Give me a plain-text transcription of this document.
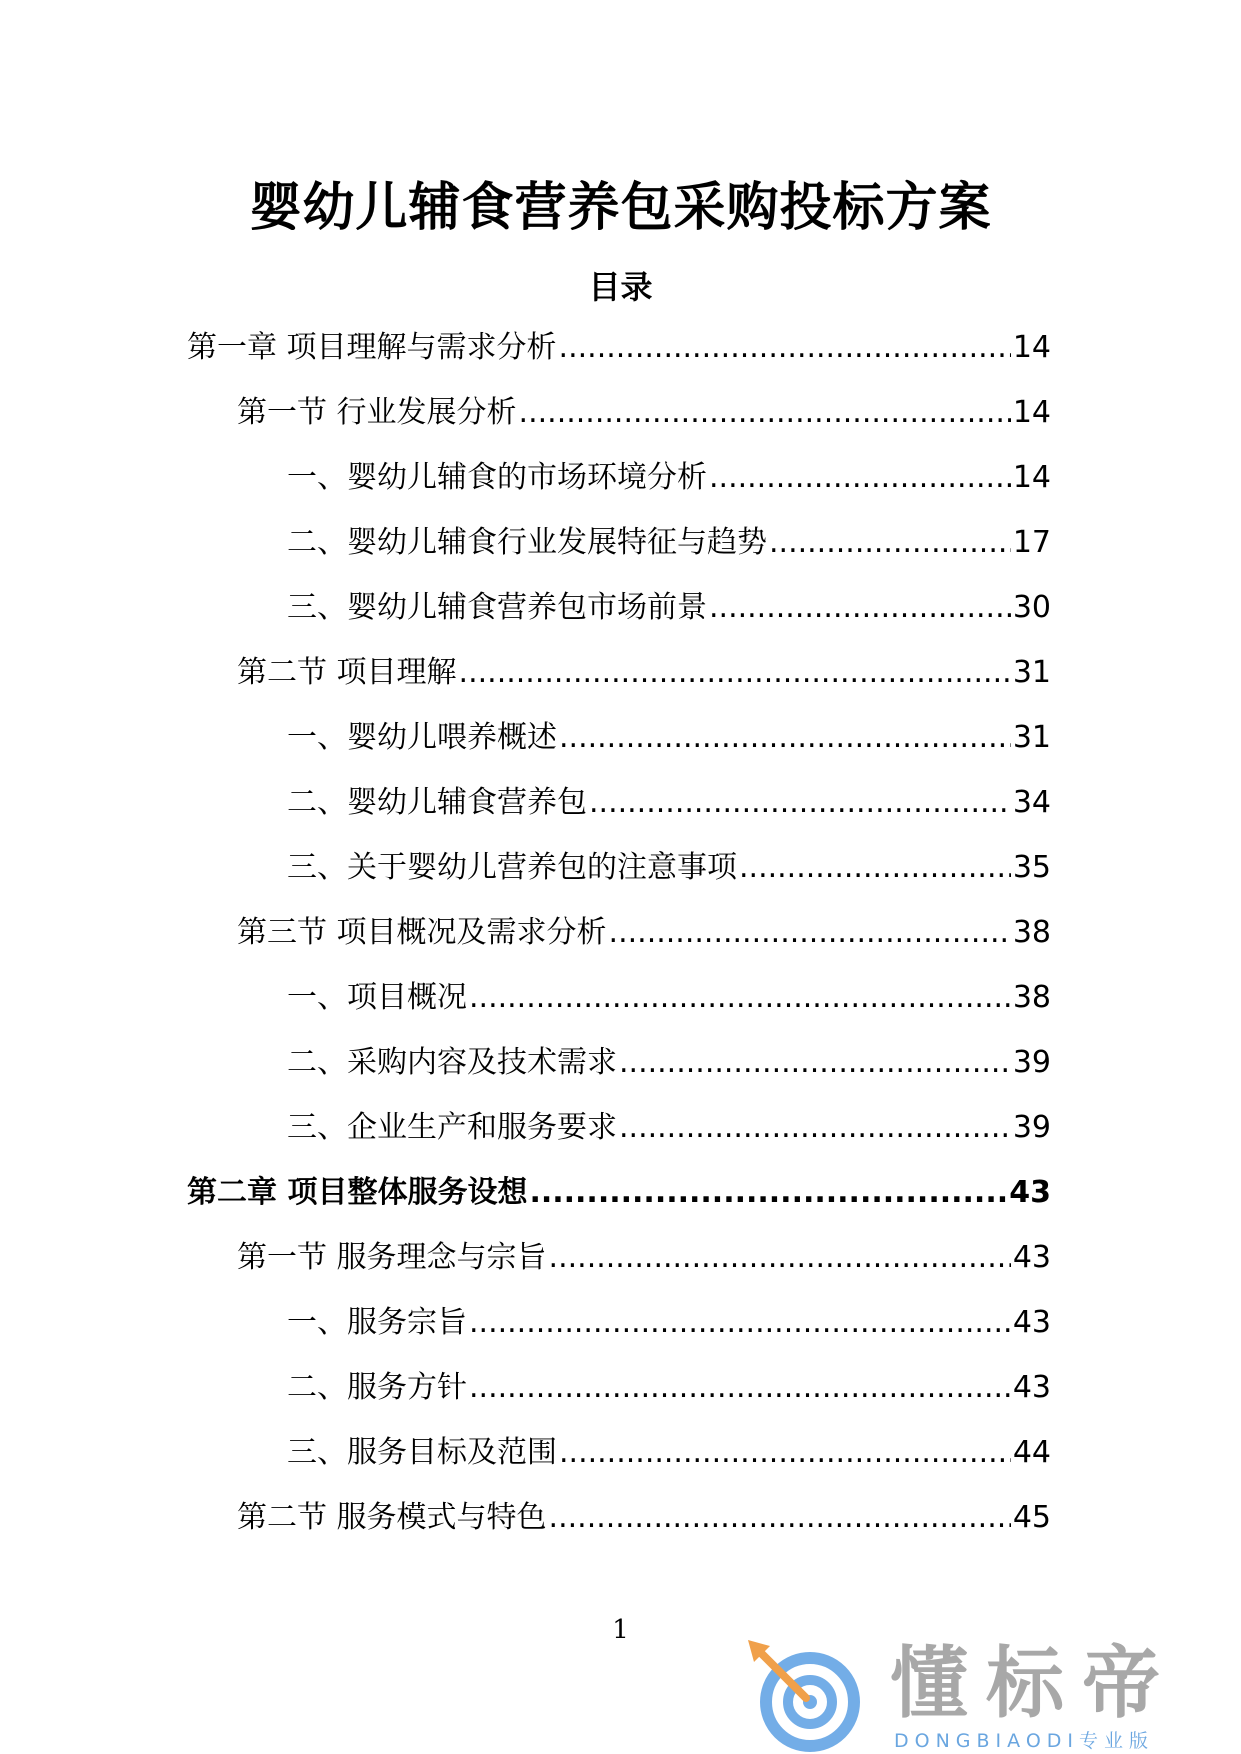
婴幼儿辅食营养包采购投标方案
目录
第一章 项目理解与需求分析 .....	14
第一节 行业发展分析 .....	14
一、婴幼儿辅食的市场环境分析 .....	14
二、婴幼儿辅食行业发展特征与趋势 .....	17
三、婴幼儿辅食营养包市场前景 .....	30
第二节 项目理解 .....	31
一、婴幼儿喂养概述 .....	31
二、婴幼儿辅食营养包 .....	34
三、关于婴幼儿营养包的注意事项 .....	35
第三节 项目概况及需求分析 .....	38
一、项目概况 .....	38
二、采购内容及技术需求 .....	39
三、企业生产和服务要求 .....	39
第二章 项目整体服务设想 .....	43
第一节 服务理念与宗旨 .....	43
一、服务宗旨 .....	43
二、服务方针 .....	43
三、服务目标及范围 .....	44
第二节 服务模式与特色 .....	45
1
懂标帝
DONGBIAODI专业版
